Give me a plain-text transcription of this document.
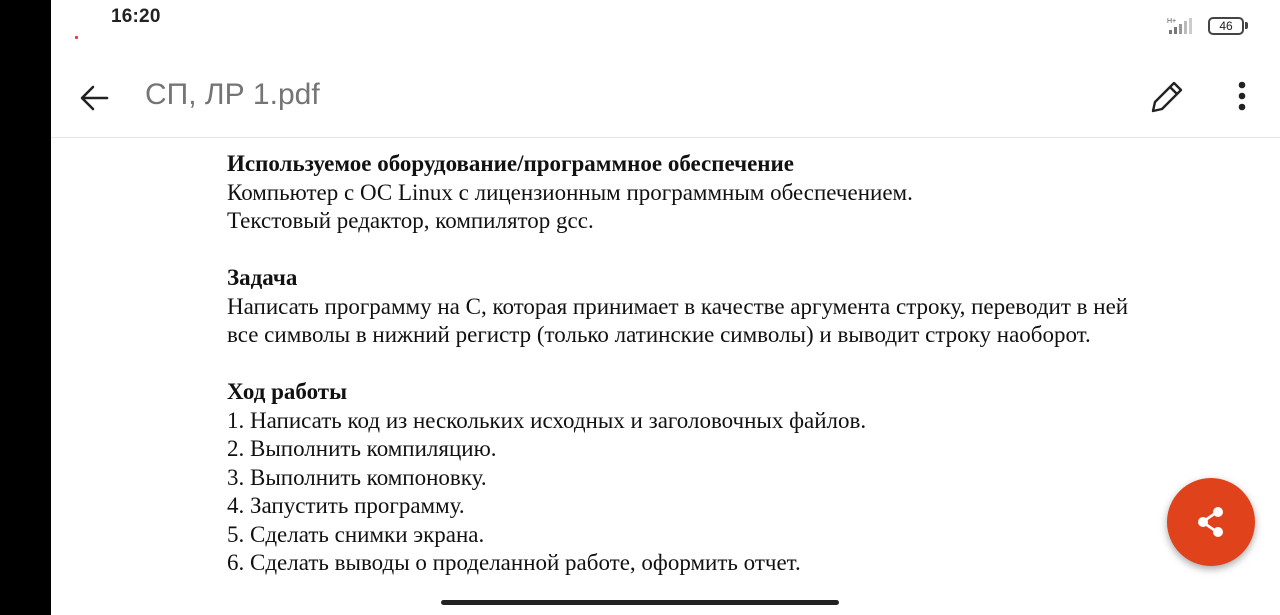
16:20	H+	46
СП, ЛР 1.pdf
Используемое оборудование/программное обеспечение

Компьютер с ОС Linux с лицензионным программным обеспечением.

Текстовый редактор, компилятор gcc.

Задача

Написать программу на С, которая принимает в качестве аргумента строку, переводит в ней

все символы в нижний регистр (только латинские символы) и выводит строку наоборот.

Ход работы
1. Написать код из нескольких исходных и заголовочных файлов.
2. Выполнить компиляцию.
3. Выполнить компоновку.
4. Запустить программу.
5. Сделать снимки экрана.
6. Сделать выводы о проделанной работе, оформить отчет.
